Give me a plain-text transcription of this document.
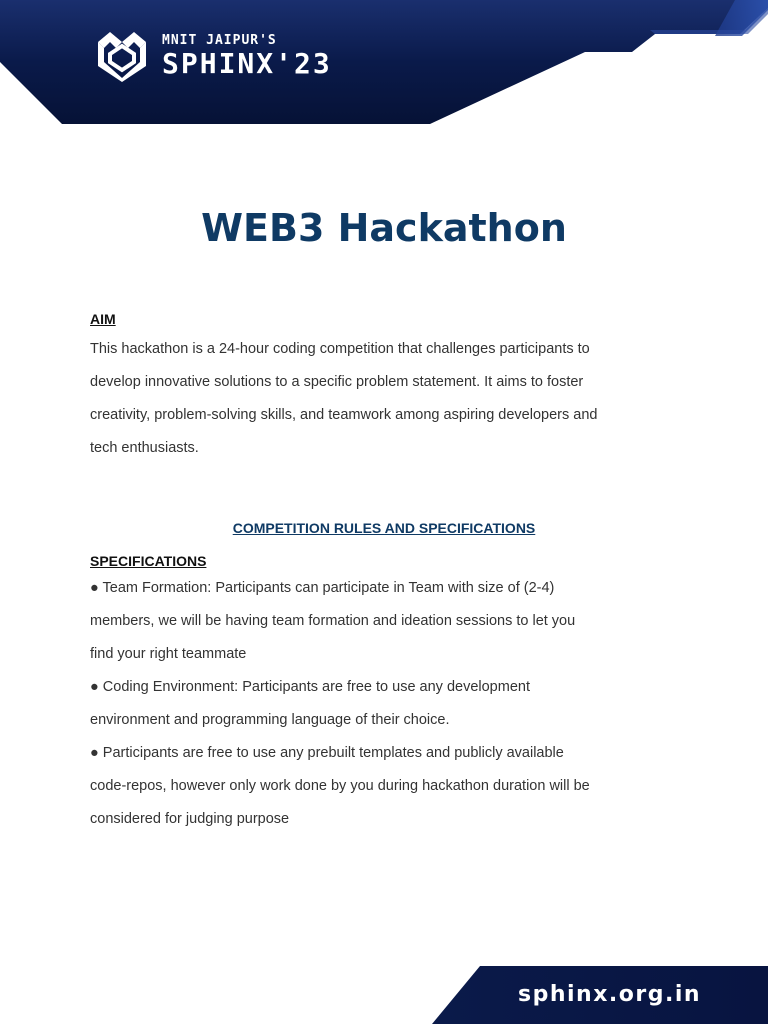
MNIT JAIPUR'S
SPHINX'23
WEB3 Hackathon

AIM

This hackathon is a 24-hour coding competition that challenges participants to

develop innovative solutions to a specific problem statement. It aims to foster

creativity, problem-solving skills, and teamwork among aspiring developers and

tech enthusiasts.

COMPETITION RULES AND SPECIFICATIONS

SPECIFICATIONS

● Team Formation: Participants can participate in Team with size of (2-4)

members, we will be having team formation and ideation sessions to let you

find your right teammate

● Coding Environment: Participants are free to use any development

environment and programming language of their choice.

● Participants are free to use any prebuilt templates and publicly available

code-repos, however only work done by you during hackathon duration will be

considered for judging purpose

sphinx.org.in
